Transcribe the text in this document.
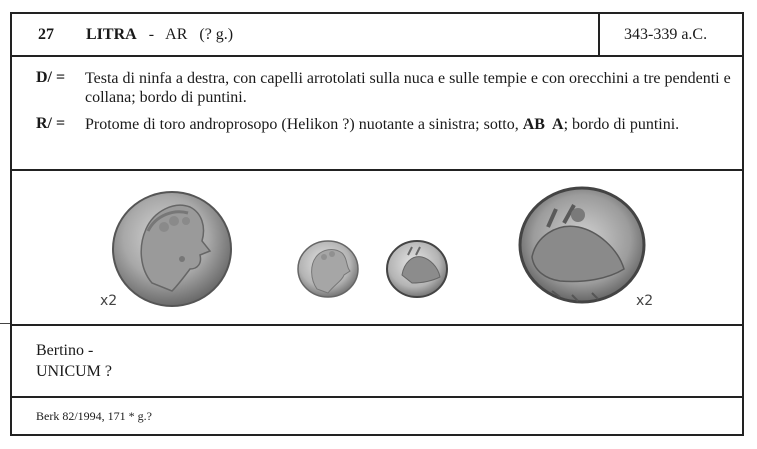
27 LITRA - AR (? g.)	343-339 a.C.
D/ = Testa di ninfa a destra, con capelli arrotolati sulla nuca e sulle tempie e con orecchini a tre pendenti e collana; bordo di puntini.
R/ = Protome di toro androprosopo (Helikon ?) nuotante a sinistra; sotto, AB  A; bordo di puntini.
x2	x2
Bertino -
UNICUM ?
Berk 82/1994, 171 * g.?
